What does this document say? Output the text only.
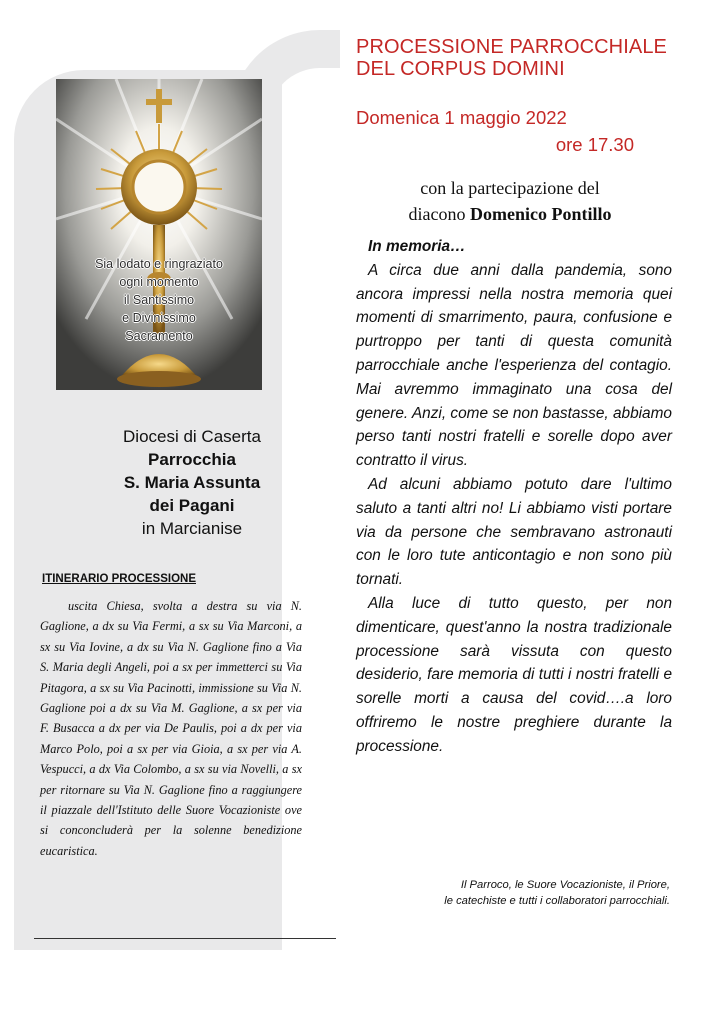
Sia lodato e ringraziato
ogni momento
il Santissimo
e Divinissimo
Sacramento
Diocesi di Caserta
Parrocchia
S. Maria Assunta
dei Pagani
in Marcianise
ITINERARIO PROCESSIONE
uscita Chiesa, svolta a destra su via N. Gaglione, a dx su Via Fermi, a sx su Via Marconi, a sx su Via Iovine, a dx su Via N. Gaglione fino a Via S. Maria degli Angeli, poi a sx per immetterci su Via Pitagora, a sx su Via Pacinotti, immissione su Via N. Gaglione poi a dx su Via M. Gaglione, a sx per via F. Busacca a dx per via De Paulis, poi a dx per via Marco Polo, poi a sx per via Gioia, a sx per via A. Vespucci, a dx Via Colombo, a sx su via Novelli, a sx per ritornare su Via N. Gaglione fino a raggiungere il piazzale dell'Istituto delle Suore Vocazioniste ove si conconcluderà per la solenne benedizione eucaristica.
PROCESSIONE PARROCCHIALE
DEL CORPUS DOMINI
Domenica 1 maggio 2022
ore 17.30
con la partecipazione del
diacono Domenico Pontillo
In memoria…

A circa due anni dalla pandemia, sono ancora impressi nella nostra memoria quei momenti di smarrimento, paura, confusione e purtroppo per tanti di questa comunità parrocchiale anche l'esperienza del contagio. Mai avremmo immaginato una cosa del genere. Anzi, come se non bastasse, abbiamo perso tanti nostri fratelli e sorelle dopo aver contratto il virus.

Ad alcuni abbiamo potuto dare l'ultimo saluto a tanti altri no! Li abbiamo visti portare via da persone che sembravano astronauti con le loro tute anticontagio e non sono più tornati.

Alla luce di tutto questo, per non dimenticare, quest'anno la nostra tradizionale processione sarà vissuta con questo desiderio, fare memoria di tutti i nostri fratelli e sorelle morti a causa del covid….a loro offriremo le nostre preghiere durante la processione.

Il Parroco, le Suore Vocazioniste, il Priore,
le catechiste e tutti i collaboratori parrocchiali.
